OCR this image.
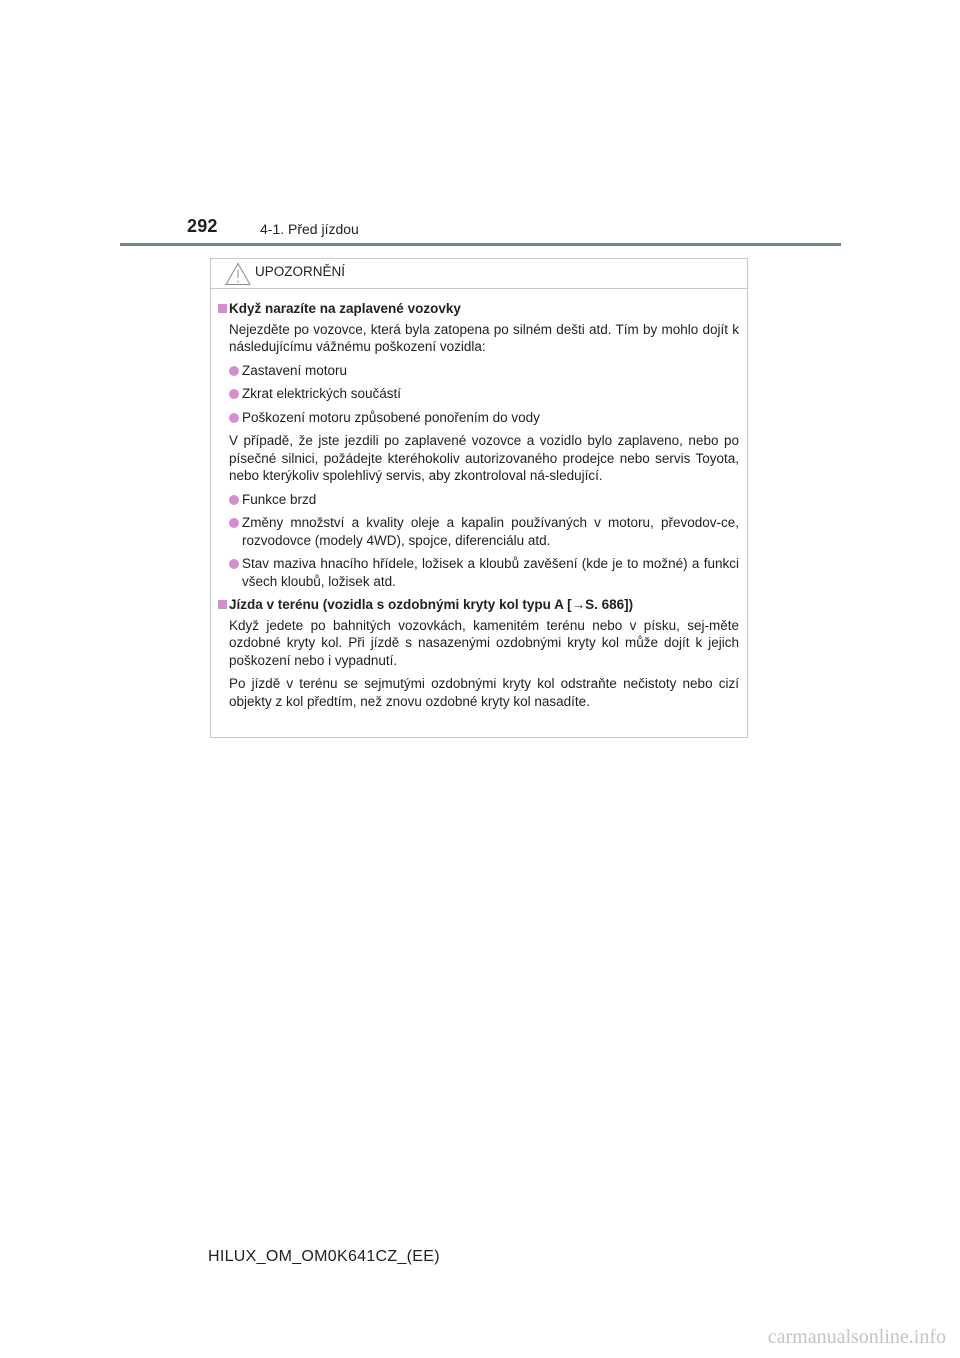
292	4-1. Před jízdou
UPOZORNĚNÍ
Když narazíte na zaplavené vozovky
Nejezděte po vozovce, která byla zatopena po silném dešti atd. Tím by mohlo dojít k následujícímu vážnému poškození vozidla:
Zastavení motoru
Zkrat elektrických součástí
Poškození motoru způsobené ponořením do vody
V případě, že jste jezdili po zaplavené vozovce a vozidlo bylo zaplaveno, nebo po písečné silnici, požádejte kteréhokoliv autorizovaného prodejce nebo servis Toyota, nebo kterýkoliv spolehlivý servis, aby zkontroloval ná-sledující.
Funkce brzd
Změny množství a kvality oleje a kapalin používaných v motoru, převodov-ce, rozvodovce (modely 4WD), spojce, diferenciálu atd.
Stav maziva hnacího hřídele, ložisek a kloubů zavěšení (kde je to možné) a funkci všech kloubů, ložisek atd.
Jízda v terénu (vozidla s ozdobnými kryty kol typu A [→S. 686])
Když jedete po bahnitých vozovkách, kamenitém terénu nebo v písku, sej-měte ozdobné kryty kol. Při jízdě s nasazenými ozdobnými kryty kol může dojít k jejich poškození nebo i vypadnutí.
Po jízdě v terénu se sejmutými ozdobnými kryty kol odstraňte nečistoty nebo cizí objekty z kol předtím, než znovu ozdobné kryty kol nasadíte.
HILUX_OM_OM0K641CZ_(EE)
carmanualsonline.info
